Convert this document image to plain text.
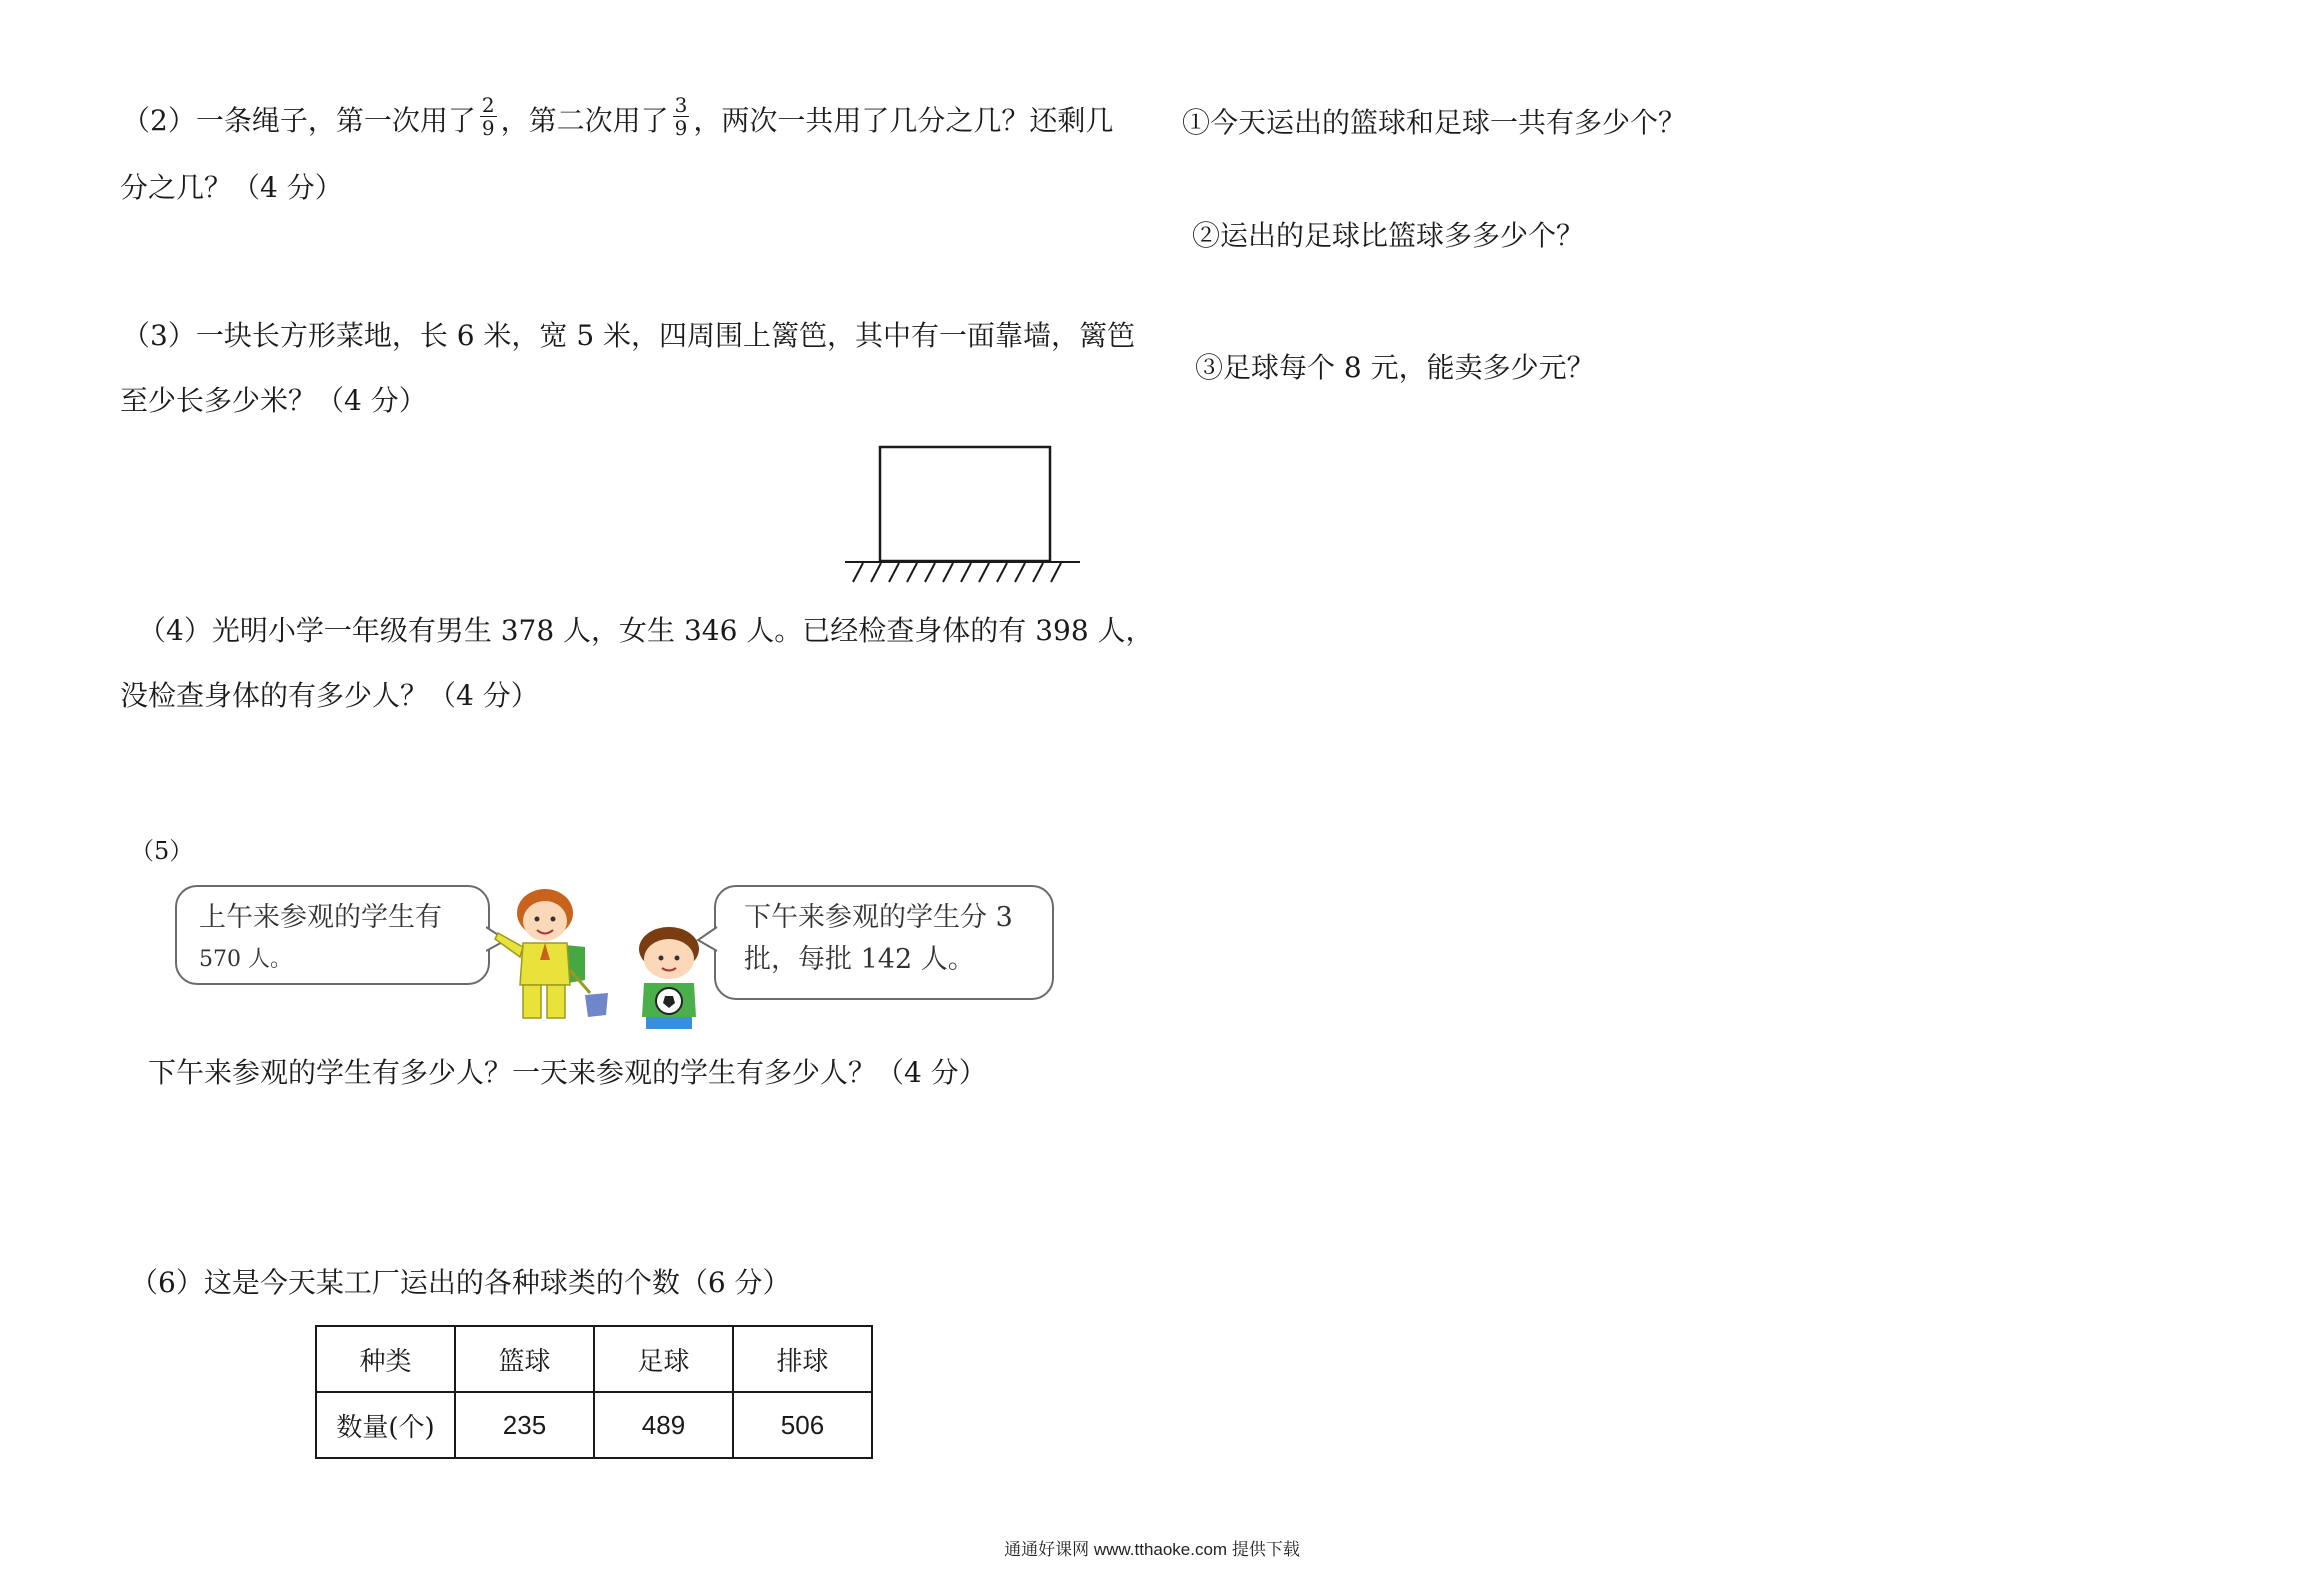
（2）一条绳子，第一次用了 $\frac{2}{9}$ ，第二次用了 $\frac{3}{9}$ ，两次一共用了几分之几？还剩几
分之几？（4 分）
（3）一块长方形菜地，长 6 米，宽 5 米，四周围上篱笆，其中有一面靠墙，篱笆
至少长多少米？（4 分）
（4）光明小学一年级有男生 378 人，女生 346 人。已经检查身体的有 398 人，
没检查身体的有多少人？（4 分）
（5）
上午来参观的学生有
570 人。
下午来参观的学生分 3
批，每批 142 人。
下午来参观的学生有多少人？一天来参观的学生有多少人？（4 分）
（6）这是今天某工厂运出的各种球类的个数（6 分）
种类	篮球	足球	排球
数量(个)	235	489	506
①今天运出的篮球和足球一共有多少个？
②运出的足球比篮球多多少个？
③足球每个 8 元，能卖多少元？
通通好课网 www.tthaoke.com 提供下载
